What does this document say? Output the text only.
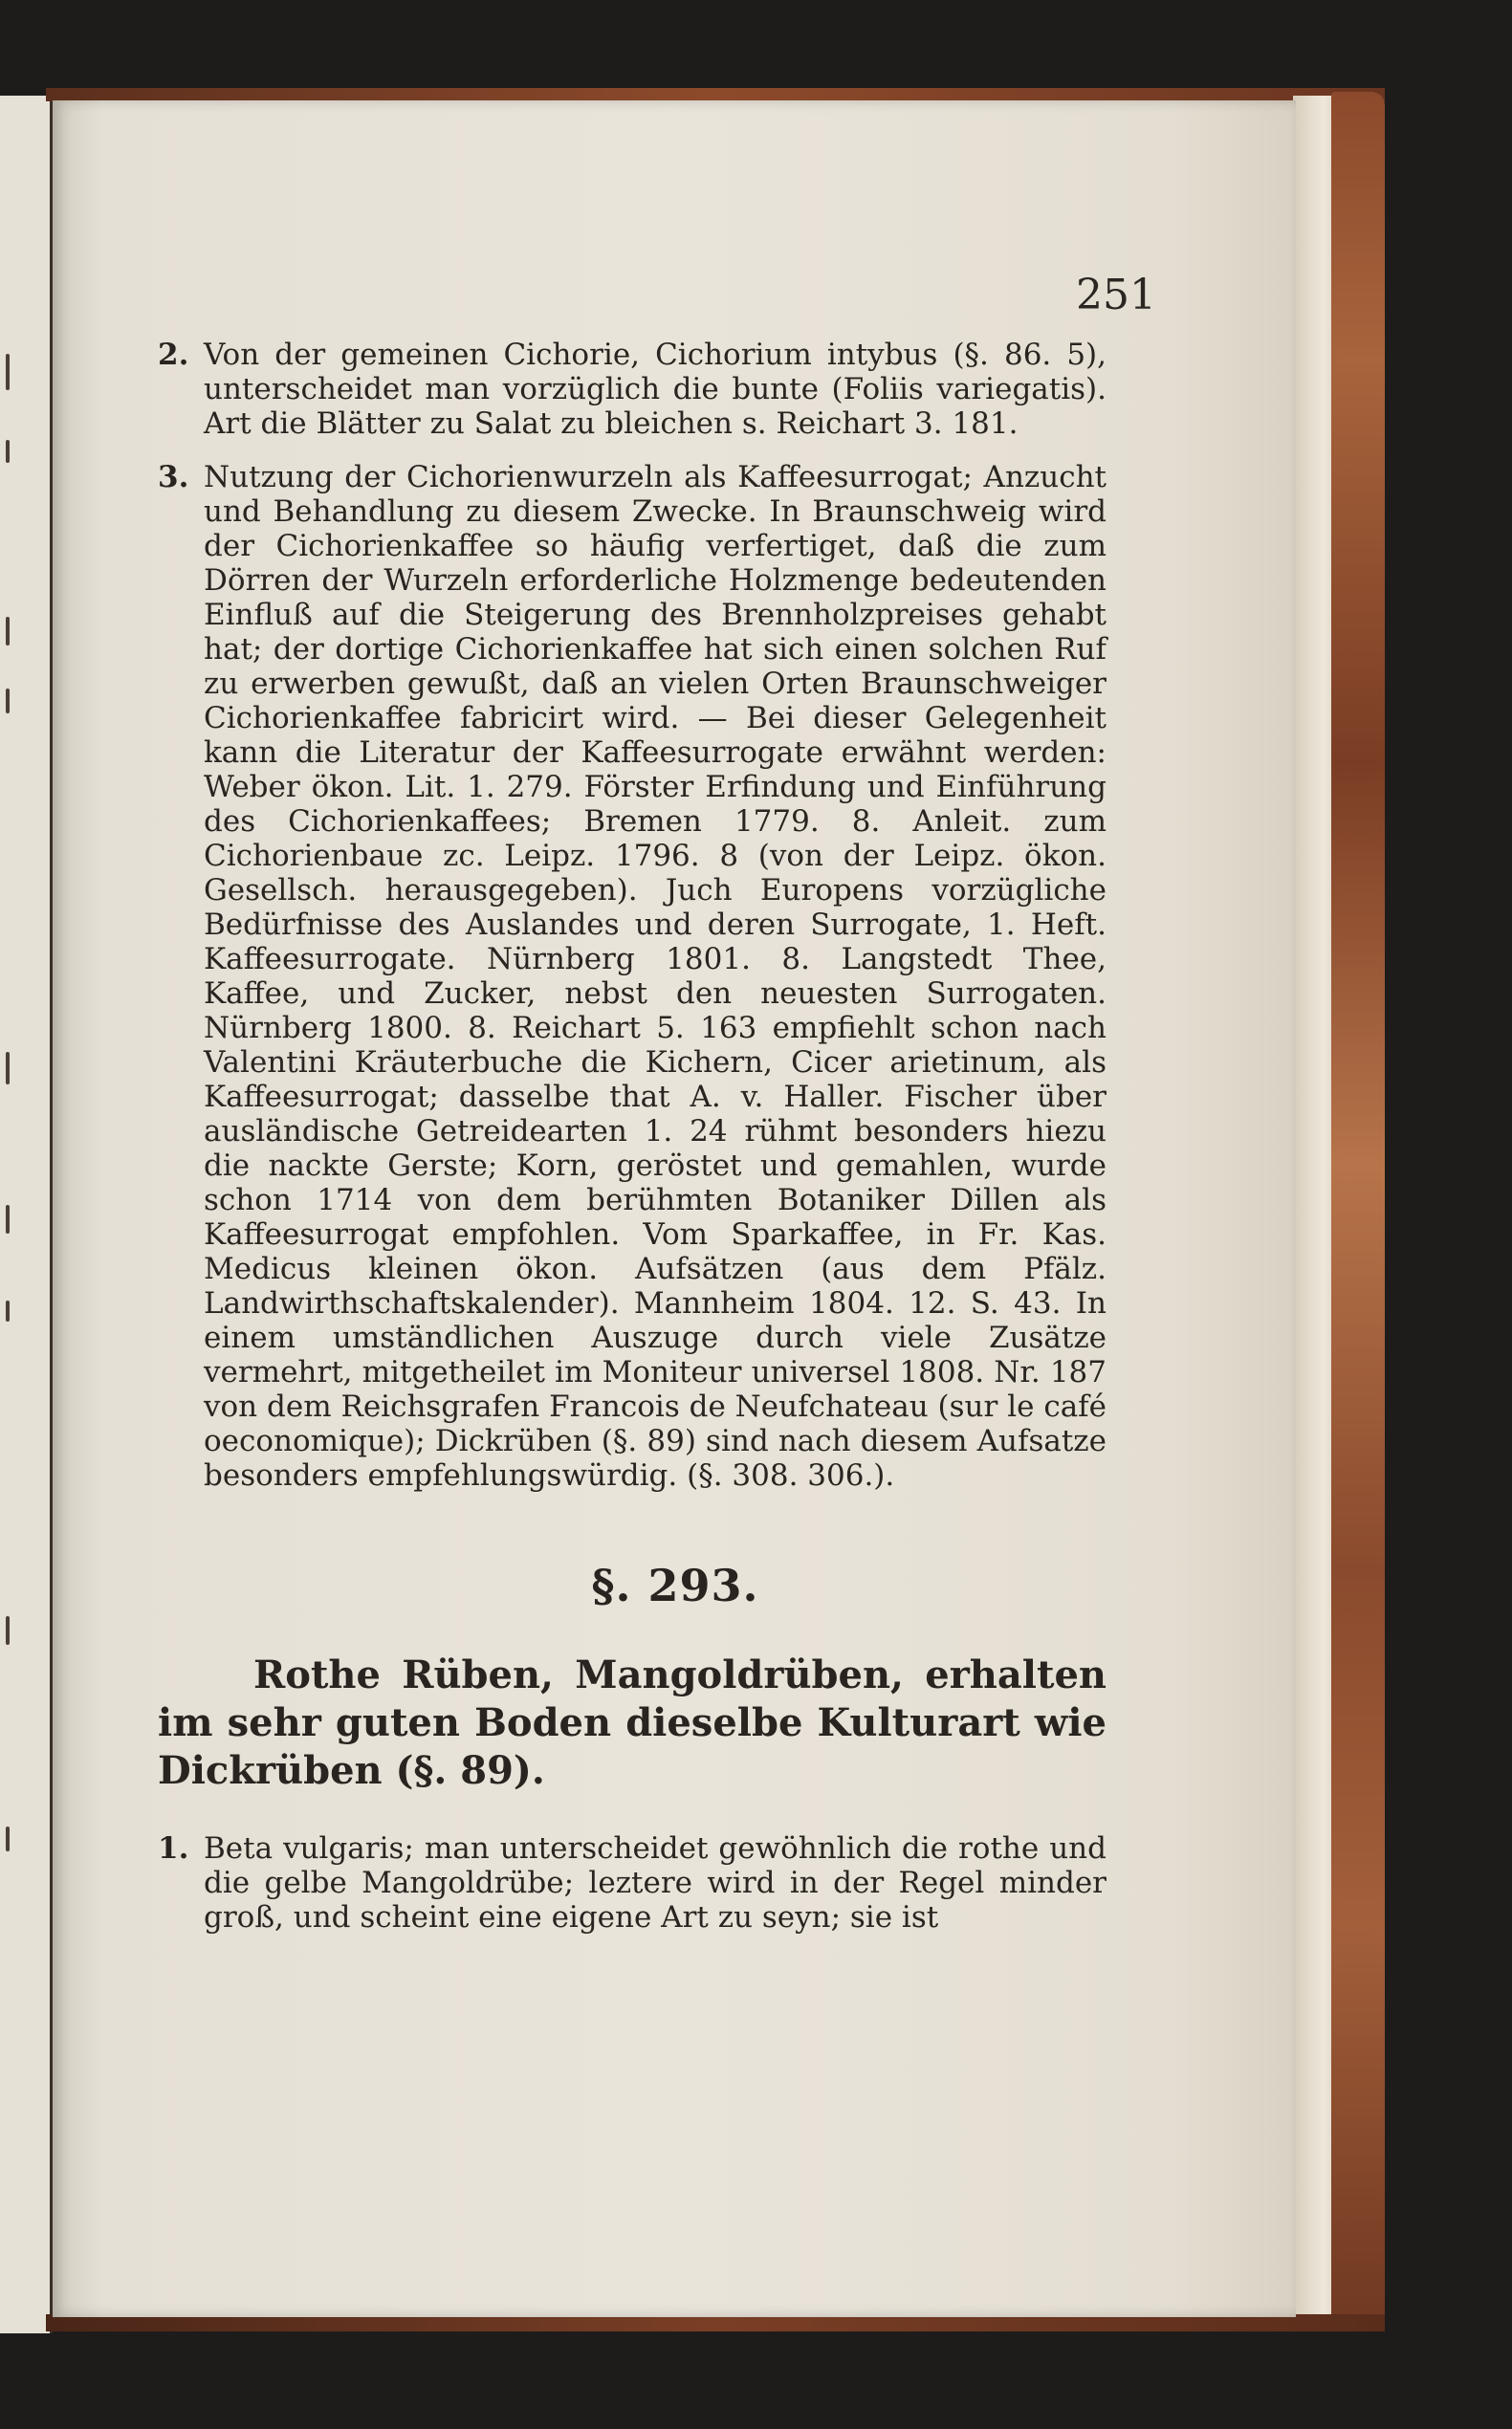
251

2. Von der gemeinen Cichorie, Cichorium intybus (§. 86. 5), unterscheidet man vorzüglich die bunte (Foliis variegatis). Art die Blätter zu Salat zu bleichen s. Reichart 3. 181.
3. Nutzung der Cichorienwurzeln als Kaffeesurrogat; Anzucht und Behandlung zu diesem Zwecke. In Braunschweig wird der Cichorienkaffee so häufig verfertiget, daß die zum Dörren der Wurzeln erforderliche Holzmenge bedeutenden Einfluß auf die Steigerung des Brennholzpreises gehabt hat; der dortige Cichorienkaffee hat sich einen solchen Ruf zu erwerben gewußt, daß an vielen Orten Braunschweiger Cichorienkaffee fabricirt wird. — Bei dieser Gelegenheit kann die Literatur der Kaffeesurrogate erwähnt werden: Weber ökon. Lit. 1. 279. Förster Erfindung und Einführung des Cichorienkaffees; Bremen 1779. 8. Anleit. zum Cichorienbaue zc. Leipz. 1796. 8 (von der Leipz. ökon. Gesellsch. herausgegeben). Juch Europens vorzügliche Bedürfnisse des Auslandes und deren Surrogate, 1. Heft. Kaffeesurrogate. Nürnberg 1801. 8. Langstedt Thee, Kaffee, und Zucker, nebst den neuesten Surrogaten. Nürnberg 1800. 8. Reichart 5. 163 empfiehlt schon nach Valentini Kräuterbuche die Kichern, Cicer arietinum, als Kaffeesurrogat; dasselbe that A. v. Haller. Fischer über ausländische Getreidearten 1. 24 rühmt besonders hiezu die nackte Gerste; Korn, geröstet und gemahlen, wurde schon 1714 von dem berühmten Botaniker Dillen als Kaffeesurrogat empfohlen. Vom Sparkaffee, in Fr. Kas. Medicus kleinen ökon. Aufsätzen (aus dem Pfälz. Landwirthschaftskalender). Mannheim 1804. 12. S. 43. In einem umständlichen Auszuge durch viele Zusätze vermehrt, mitgetheilet im Moniteur universel 1808. Nr. 187 von dem Reichsgrafen Francois de Neufchateau (sur le café oeconomique); Dickrüben (§. 89) sind nach diesem Aufsatze besonders empfehlungswürdig. (§. 308. 306.).
§. 293.

Rothe Rüben, Mangoldrüben, erhalten im sehr guten Boden dieselbe Kulturart wie Dickrüben (§. 89).

1. Beta vulgaris; man unterscheidet gewöhnlich die rothe und die gelbe Mangoldrübe; leztere wird in der Regel minder groß, und scheint eine eigene Art zu seyn; sie ist
